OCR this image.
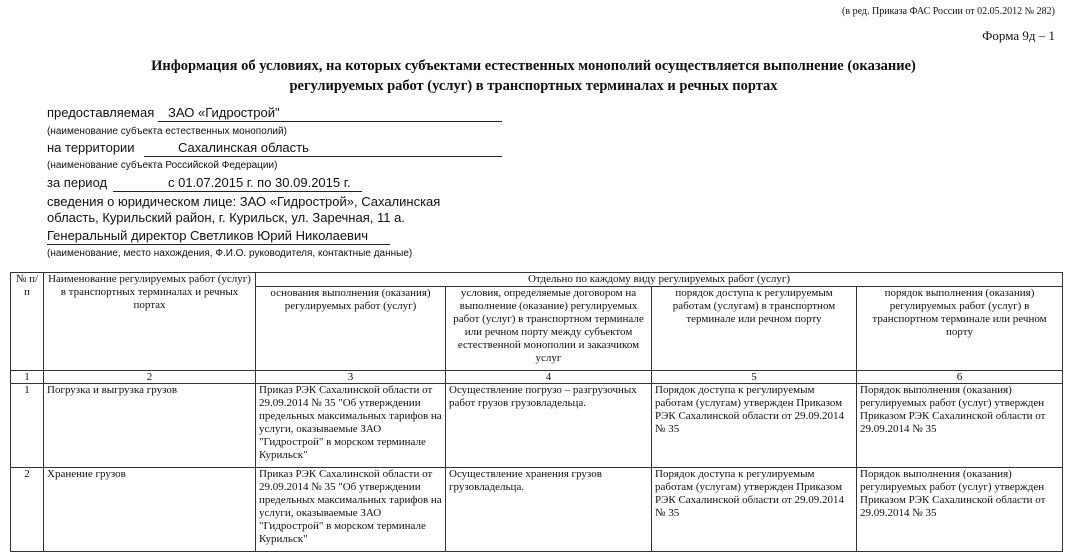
(в ред. Приказа ФАС России от 02.05.2012 № 282)
Форма 9д – 1
Информация об условиях, на которых субъектами естественных монополий осуществляется выполнение (оказание)
регулируемых работ (услуг) в транспортных терминалах и речных портах
предоставляемая ЗАО «Гидрострой"
(наименование субъекта естественных монополий)
на территории	Сахалинская область
(наименование субъекта Российской Федерации)
за период	с 01.07.2015 г. по 30.09.2015 г.
сведения о юридическом лице: ЗАО «Гидрострой», Сахалинская
область, Курильский район, г. Курильск, ул. Заречная, 11 а.
Генеральный директор Светликов Юрий Николаевич
(наименование, место нахождения, Ф.И.О. руководителя, контактные данные)
№ п/п	Наименование регулируемых работ (услуг) в транспортных терминалах и речных портах	Отдельно по каждому виду регулируемых работ (услуг)			
		основания выполнения (оказания) регулируемых работ (услуг)	условия, определяемые договором на выполнение (оказание) регулируемых работ (услуг) в транспортном терминале или речном порту между субъектом естественной монополии и заказчиком услуг	порядок доступа к регулируемым работам (услугам) в транспортном терминале или речном порту	порядок выполнения (оказания) регулируемых работ (услуг) в транспортном терминале или речном порту
1	2	3	4	5	6
1	Погрузка и выгрузка грузов	Приказ РЭК Сахалинской области от 29.09.2014 № 35 "Об утверждении предельных максимальных тарифов на услуги, оказываемые ЗАО "Гидрострой" в морском терминале Курильск"	Осуществление погрузо – разгрузочных работ грузов грузовладельца.	Порядок доступа к регулируемым работам (услугам) утвержден Приказом РЭК Сахалинской области от 29.09.2014 № 35	Порядок выполнения (оказания) регулируемых работ (услуг) утвержден Приказом РЭК Сахалинской области от 29.09.2014 № 35
2	Хранение грузов	Приказ РЭК Сахалинской области от 29.09.2014 № 35 "Об утверждении предельных максимальных тарифов на услуги, оказываемые ЗАО "Гидрострой" в морском терминале Курильск"	Осуществление хранения грузов грузовладельца.	Порядок доступа к регулируемым работам (услугам) утвержден Приказом РЭК Сахалинской области от 29.09.2014 № 35	Порядок выполнения (оказания) регулируемых работ (услуг) утвержден Приказом РЭК Сахалинской области от 29.09.2014 № 35
